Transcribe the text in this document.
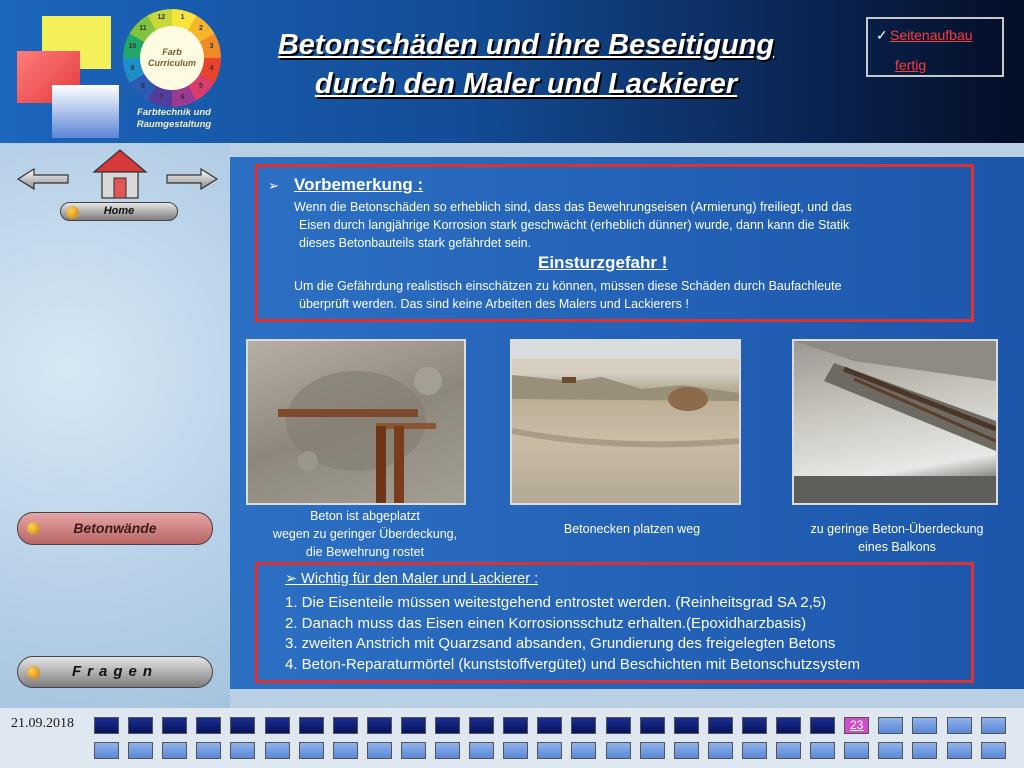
1
2
3
4
5
6
7
8
9
10
11
12
Farb
Curriculum
Farbtechnik und
Raumgestaltung
Betonschäden und ihre Beseitigung
durch den Maler und Lackierer
✓ Seitenaufbau
fertig
Home
Betonwände
Fragen
➢ Vorbemerkung :

Wenn die Betonschäden so erheblich sind, dass das Bewehrungseisen (Armierung) freiliegt, und das

Eisen durch langjährige Korrosion stark geschwächt (erheblich dünner) wurde, dann kann die Statik

dieses Betonbauteils stark gefährdet sein.

Einsturzgefahr !

Um die Gefährdung realistisch einschätzen zu können, müssen diese Schäden durch Baufachleute

überprüft werden. Das sind keine Arbeiten des Malers und Lackierers !

Beton ist abgeplatzt

wegen zu geringer Überdeckung,

die Bewehrung rostet

Betonecken platzen weg	zu geringe Beton-Überdeckung

eines Balkons

➢ Wichtig für den Maler und Lackierer :
1. Die Eisenteile müssen weitestgehend entrostet werden. (Reinheitsgrad SA 2,5)
2. Danach muss das Eisen einen Korrosionsschutz erhalten.(Epoxidharzbasis)
3. zweiten Anstrich mit Quarzsand absanden, Grundierung des freigelegten Betons
4. Beton-Reparaturmörtel (kunststoffvergütet) und Beschichten mit Betonschutzsystem
21.09.2018	23
